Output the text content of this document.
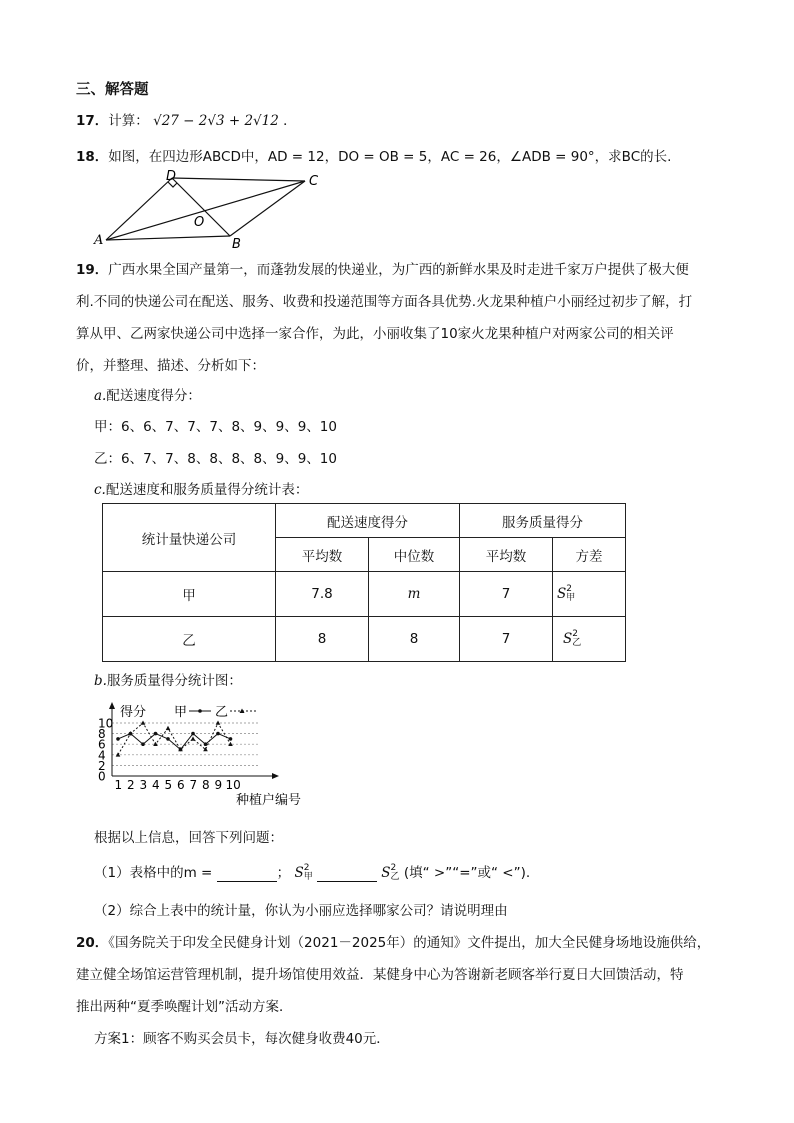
三、解答题
17．计算： √27 − 2√3 + 2√12 ．
18．如图，在四边形ABCD中，AD = 12，DO = OB = 5，AC = 26，∠ADB = 90°，求BC的长.
A	B
C
D
O
19．广西水果全国产量第一，而蓬勃发展的快递业，为广西的新鲜水果及时走进千家万户提供了极大便
利.不同的快递公司在配送、服务、收费和投递范围等方面各具优势.火龙果种植户小丽经过初步了解，打
算从甲、乙两家快递公司中选择一家合作，为此，小丽收集了10家火龙果种植户对两家公司的相关评
价，并整理、描述、分析如下：
a.配送速度得分：
甲：6、6、7、7、7、8、9、9、9、10
乙：6、7、7、8、8、8、8、9、9、10
c.配送速度和服务质量得分统计表：
统计量快递公司	配送速度得分		服务质量得分	
	平均数	中位数	平均数	方差
甲	7.8	m	7	S 2
甲

乙	8	8	7	S 2
乙
b.服务质量得分统计图：
得分 甲 乙
10
8
6
4
2
0
1 2 3 4 5 6 7 8 9 10
种植户编号
根据以上信息，回答下列问题：
（1）表格中的m =	； S 2
甲	S 2
乙 (填“ >”“=”或“ <”).
（2）综合上表中的统计量，你认为小丽应选择哪家公司？请说明理由
20．《国务院关于印发全民健身计划（2021－2025年）的通知》文件提出，加大全民健身场地设施供给，
建立健全场馆运营管理机制，提升场馆使用效益．某健身中心为答谢新老顾客举行夏日大回馈活动，特
推出两种“夏季唤醒计划”活动方案．
方案1：顾客不购买会员卡，每次健身收费40元．
